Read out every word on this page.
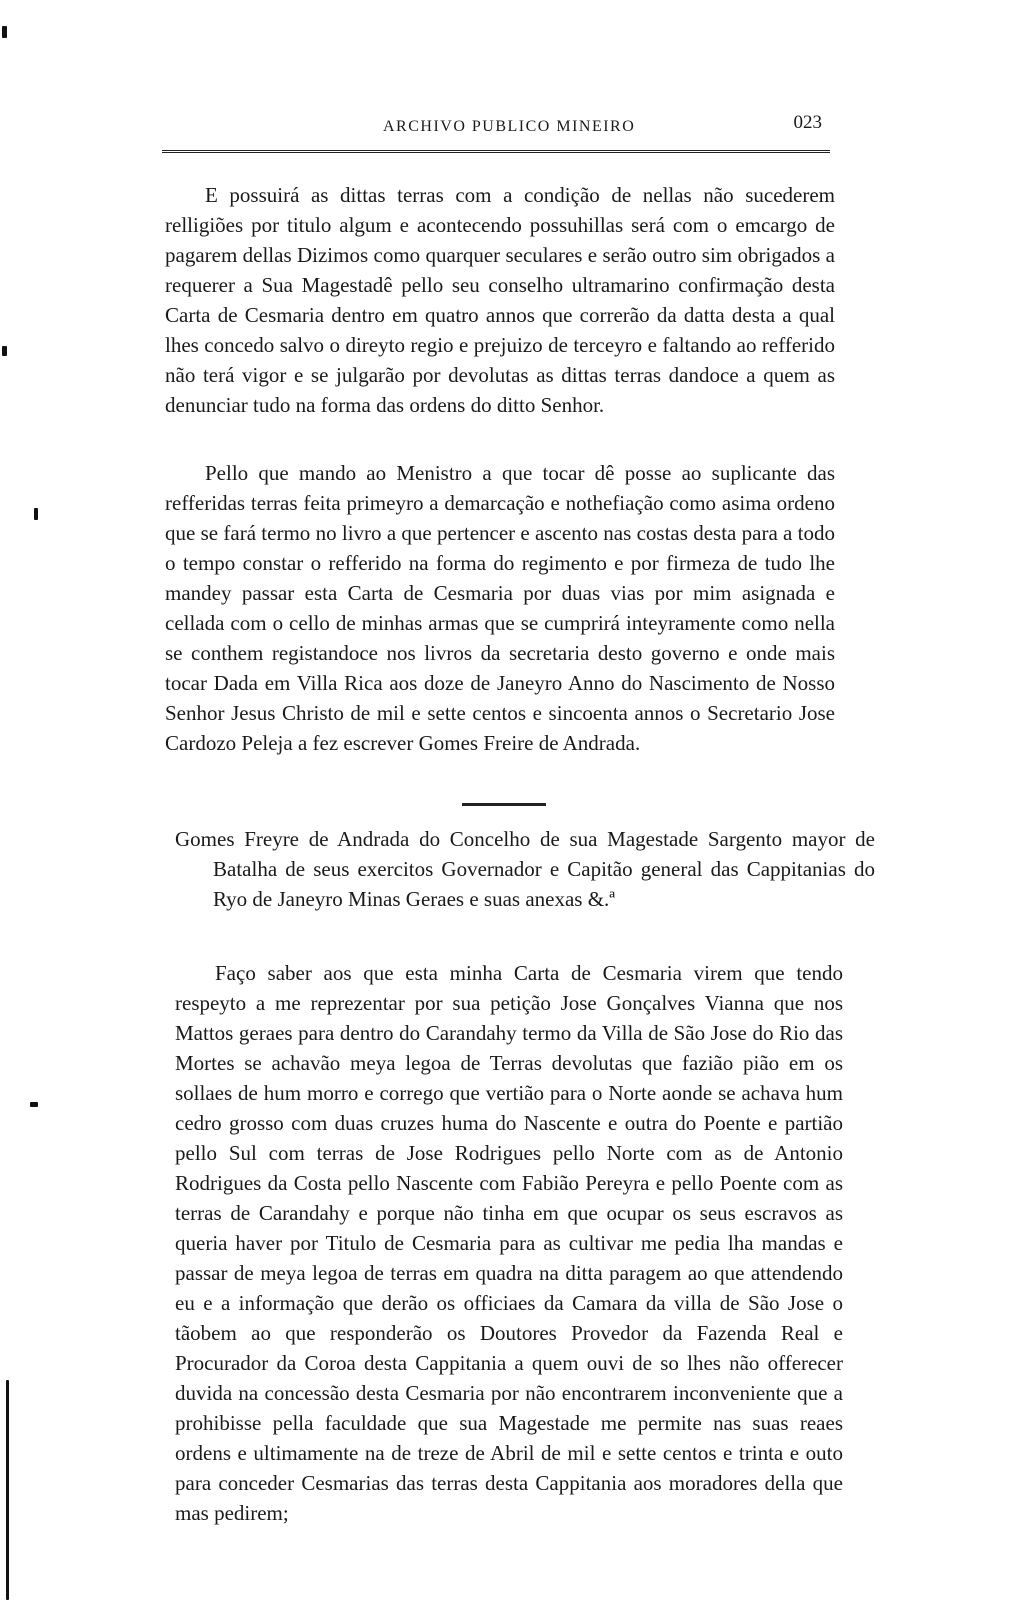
ARCHIVO PUBLICO MINEIRO	023

E possuirá as dittas terras com a condição de nellas não sucederem relligiões por titulo algum e acontecendo possuhillas será com o emcargo de pagarem dellas Dizimos como quarquer seculares e serão outro sim obrigados a requerer a Sua Magestadê pello seu conselho ultramarino confirmação desta Carta de Cesmaria dentro em quatro annos que correrão da datta desta a qual lhes concedo salvo o direyto regio e prejuizo de terceyro e faltando ao refferido não terá vigor e se julgarão por devolutas as dittas terras dandoce a quem as denunciar tudo na forma das ordens do ditto Senhor.

Pello que mando ao Menistro a que tocar dê posse ao suplicante das refferidas terras feita primeyro a demarcação e nothefiação como asima ordeno que se fará termo no livro a que pertencer e ascento nas costas desta para a todo o tempo constar o refferido na forma do regimento e por firmeza de tudo lhe mandey passar esta Carta de Cesmaria por duas vias por mim asignada e cellada com o cello de minhas armas que se cumprirá inteyramente como nella se conthem registandoce nos livros da secretaria desto governo e onde mais tocar Dada em Villa Rica aos doze de Janeyro Anno do Nascimento de Nosso Senhor Jesus Christo de mil e sette centos e sincoenta annos o Secretario Jose Cardozo Peleja a fez escrever Gomes Freire de Andrada.

Gomes Freyre de Andrada do Concelho de sua Magestade Sargento mayor de Batalha de seus exercitos Governador e Capitão general das Cappitanias do Ryo de Janeyro Minas Geraes e suas anexas &.ª

Faço saber aos que esta minha Carta de Cesmaria virem que tendo respeyto a me reprezentar por sua petição Jose Gonçalves Vianna que nos Mattos geraes para dentro do Carandahy termo da Villa de São Jose do Rio das Mortes se achavão meya legoa de Terras devolutas que fazião pião em os sollaes de hum morro e corrego que vertião para o Norte aonde se achava hum cedro grosso com duas cruzes huma do Nascente e outra do Poente e partião pello Sul com terras de Jose Rodrigues pello Norte com as de Antonio Rodrigues da Costa pello Nascente com Fabião Pereyra e pello Poente com as terras de Carandahy e porque não tinha em que ocupar os seus escravos as queria haver por Titulo de Cesmaria para as cultivar me pedia lha mandas e passar de meya legoa de terras em quadra na ditta paragem ao que attendendo eu e a informação que derão os officiaes da Camara da villa de São Jose o tãobem ao que responderão os Doutores Provedor da Fazenda Real e Procurador da Coroa desta Cappitania a quem ouvi de so lhes não offerecer duvida na concessão desta Cesmaria por não encontrarem inconveniente que a prohibisse pella faculdade que sua Magestade me permite nas suas reaes ordens e ultimamente na de treze de Abril de mil e sette centos e trinta e outo para conceder Cesmarias das terras desta Cappitania aos moradores della que mas pedirem;
